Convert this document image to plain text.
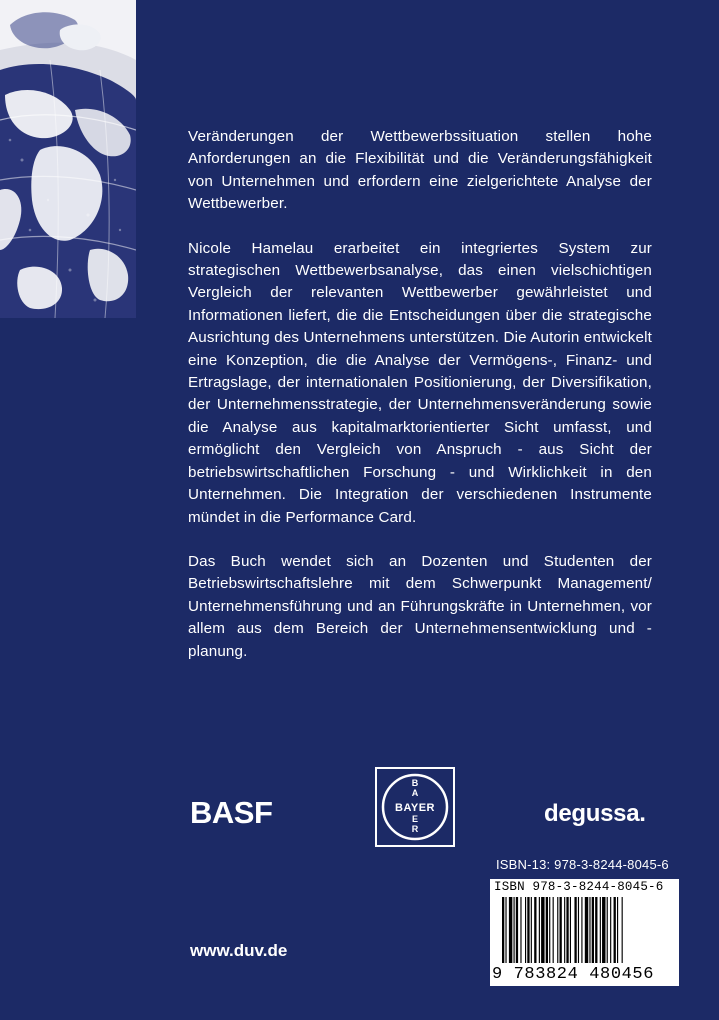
Veränderungen der Wettbewerbssituation stellen hohe Anforderungen an die Flexibilität und die Veränderungsfähigkeit von Unternehmen und erfordern eine zielgerichtete Analyse der Wettbewerber.

Nicole Hamelau erarbeitet ein integriertes System zur strategischen Wettbewerbsanalyse, das einen vielschichtigen Vergleich der relevanten Wettbewerber gewährleistet und Informationen liefert, die die Entscheidungen über die strategische Ausrichtung des Unternehmens unterstützen. Die Autorin entwickelt eine Konzeption, die die Analyse der Vermögens-, Finanz- und Ertragslage, der internationalen Positionierung, der Diversifikation, der Unternehmensstrategie, der Unternehmensveränderung sowie die Analyse aus kapitalmarktorientierter Sicht umfasst, und ermöglicht den Vergleich von Anspruch - aus Sicht der betriebswirtschaftlichen Forschung - und Wirklichkeit in den Unternehmen. Die Integration der verschiedenen Instrumente mündet in die Performance Card.

Das Buch wendet sich an Dozenten und Studenten der Betriebswirtschaftslehre mit dem Schwerpunkt Management/ Unternehmensführung und an Führungskräfte in Unternehmen, vor allem aus dem Bereich der Unternehmensentwicklung und -planung.

BASF	BAYER
B
A
E
R
degussa.
ISBN-13: 978-3-8244-8045-6
ISBN 978-3-8244-8045-6
9 783824 480456
www.duv.de
